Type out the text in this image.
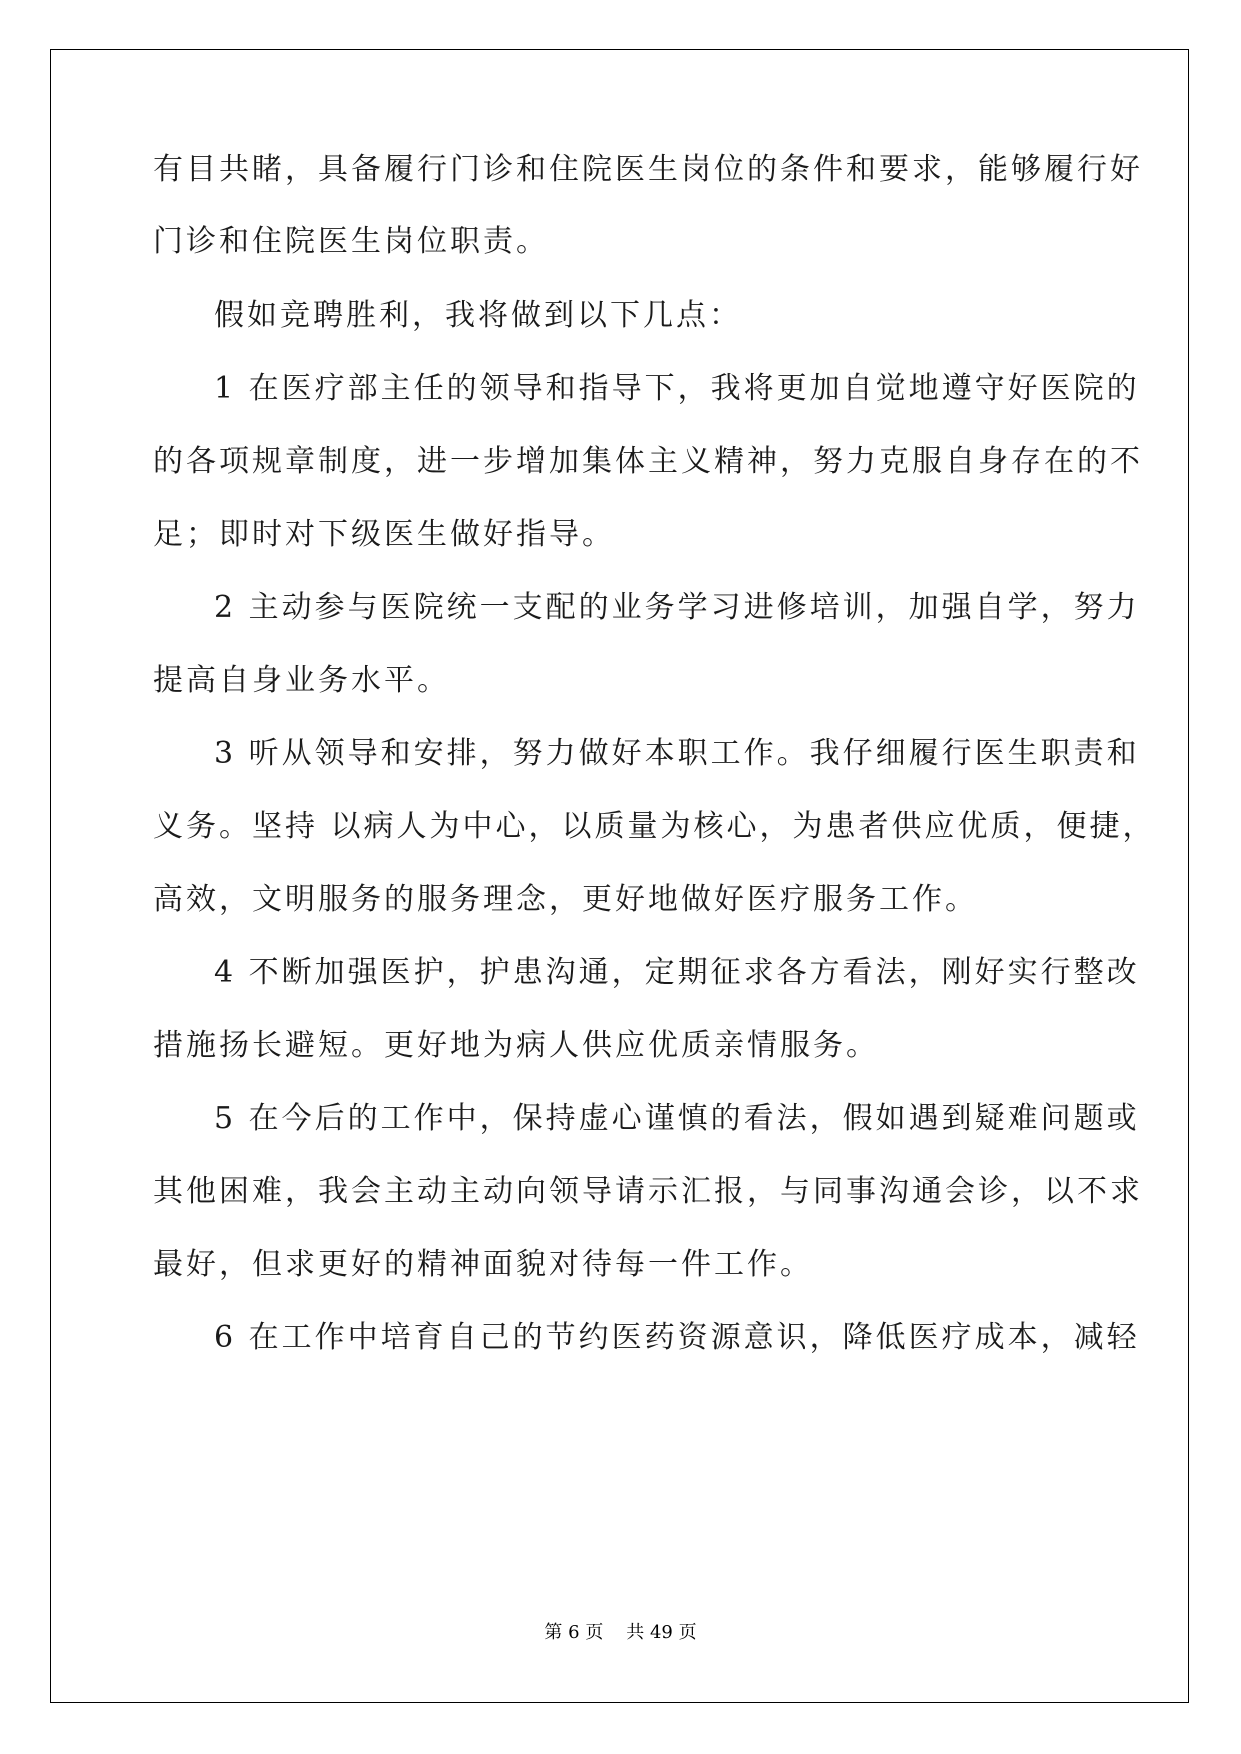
有目共睹，具备履行门诊和住院医生岗位的条件和要求，能够履行好
门诊和住院医生岗位职责。
假如竞聘胜利，我将做到以下几点：
1 在医疗部主任的领导和指导下，我将更加自觉地遵守好医院的
的各项规章制度，进一步增加集体主义精神，努力克服自身存在的不
足；即时对下级医生做好指导。
2 主动参与医院统一支配的业务学习进修培训，加强自学，努力
提高自身业务水平。
3 听从领导和安排，努力做好本职工作。我仔细履行医生职责和
义务。坚持 以病人为中心，以质量为核心，为患者供应优质，便捷，
高效，文明服务的服务理念，更好地做好医疗服务工作。
4 不断加强医护，护患沟通，定期征求各方看法，刚好实行整改
措施扬长避短。更好地为病人供应优质亲情服务。
5 在今后的工作中，保持虚心谨慎的看法，假如遇到疑难问题或
其他困难，我会主动主动向领导请示汇报，与同事沟通会诊，以不求
最好，但求更好的精神面貌对待每一件工作。
6 在工作中培育自己的节约医药资源意识，降低医疗成本，减轻
第 6 页 共 49 页
